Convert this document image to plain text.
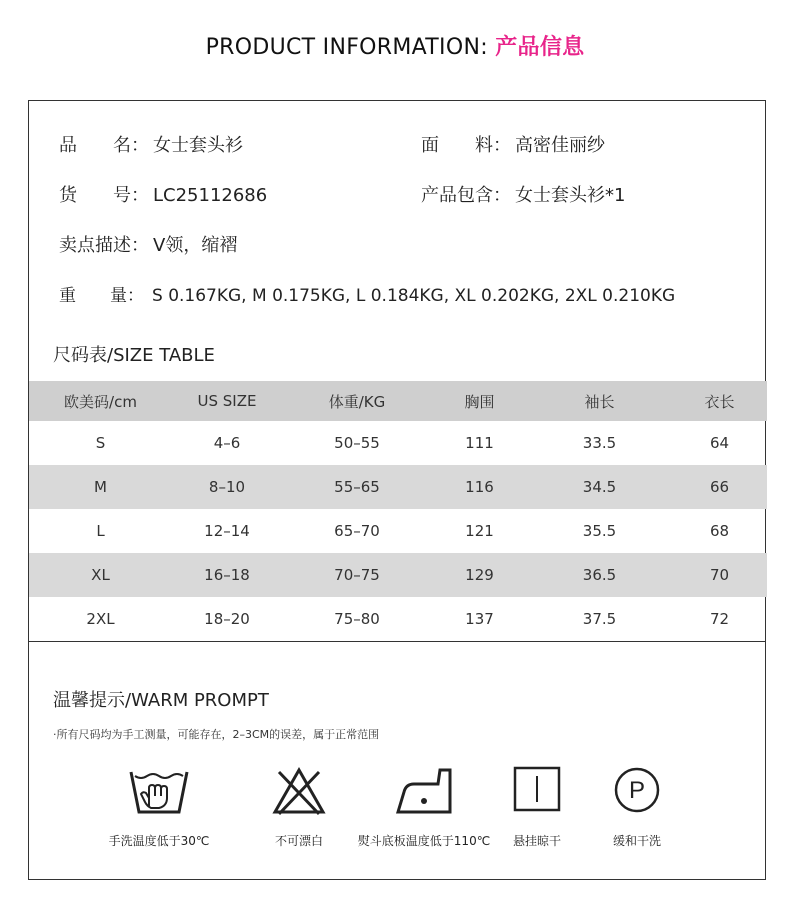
PRODUCT INFORMATION: 产品信息
品　　名： 女士套头衫	面　　料： 高密佳丽纱
货　　号： LC25112686	产品包含： 女士套头衫*1
卖点描述： V领，缩褶
重　　量： S 0.167KG, M 0.175KG, L 0.184KG, XL 0.202KG, 2XL 0.210KG
尺码表/SIZE TABLE
欧美码/cm	US SIZE	体重/KG	胸围	袖长	衣长
S	4–6	50–55	111	33.5	64
M	8–10	55–65	116	34.5	66
L	12–14	65–70	121	35.5	68
XL	16–18	70–75	129	36.5	70
2XL	18–20	75–80	137	37.5	72
温馨提示/WARM PROMPT
·所有尺码均为手工测量，可能存在，2–3CM的误差，属于正常范围
手洗温度低于30℃	不可漂白	熨斗底板温度低于110℃	悬挂晾干
P
缓和干洗
